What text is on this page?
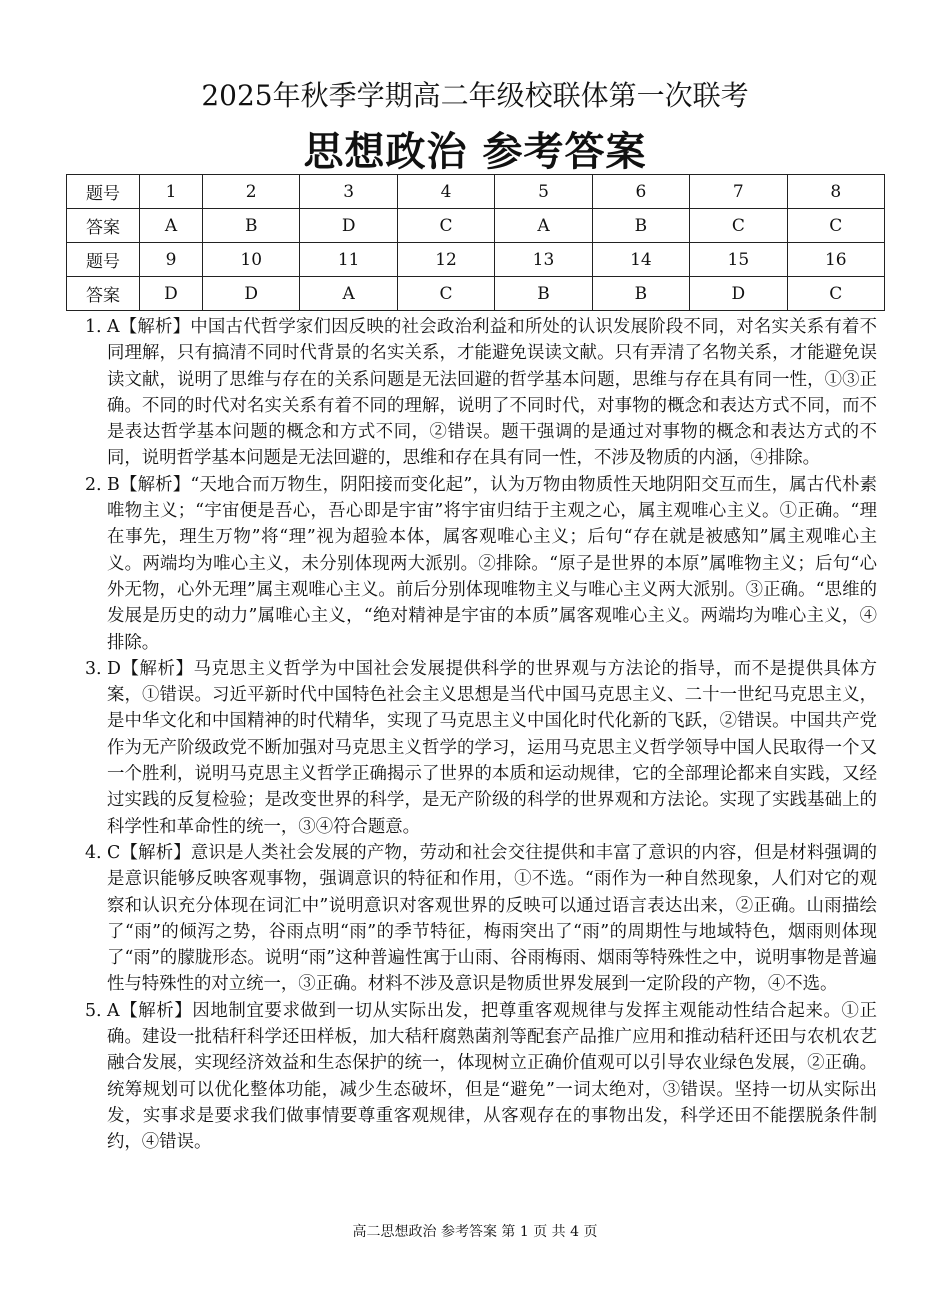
2025年秋季学期高二年级校联体第一次联考
思想政治 参考答案
题号	1	2	3	4	5	6	7	8
答案	A	B	D	C	A	B	C	C
题号	9	10	11	12	13	14	15	16
答案	D	D	A	C	B	B	D	C
1．
A【解析】中国古代哲学家们因反映的社会政治利益和所处的认识发展阶段不同，对名实关系有着不同理解，只有搞清不同时代背景的名实关系，才能避免误读文献。只有弄清了名物关系，才能避免误读文献，说明了思维与存在的关系问题是无法回避的哲学基本问题，思维与存在具有同一性，①③正确。不同的时代对名实关系有着不同的理解，说明了不同时代，对事物的概念和表达方式不同，而不是表达哲学基本问题的概念和方式不同，②错误。题干强调的是通过对事物的概念和表达方式的不同，说明哲学基本问题是无法回避的，思维和存在具有同一性，不涉及物质的内涵，④排除。
2．
B【解析】“天地合而万物生，阴阳接而变化起”，认为万物由物质性天地阴阳交互而生，属古代朴素唯物主义；“宇宙便是吾心，吾心即是宇宙”将宇宙归结于主观之心，属主观唯心主义。①正确。“理在事先，理生万物”将“理”视为超验本体，属客观唯心主义；后句“存在就是被感知”属主观唯心主义。两端均为唯心主义，未分别体现两大派别。②排除。“原子是世界的本原”属唯物主义；后句“心外无物，心外无理”属主观唯心主义。前后分别体现唯物主义与唯心主义两大派别。③正确。“思维的发展是历史的动力”属唯心主义，“绝对精神是宇宙的本质”属客观唯心主义。两端均为唯心主义，④排除。
3．
D【解析】马克思主义哲学为中国社会发展提供科学的世界观与方法论的指导，而不是提供具体方案，①错误。习近平新时代中国特色社会主义思想是当代中国马克思主义、二十一世纪马克思主义，是中华文化和中国精神的时代精华，实现了马克思主义中国化时代化新的飞跃，②错误。中国共产党作为无产阶级政党不断加强对马克思主义哲学的学习，运用马克思主义哲学领导中国人民取得一个又一个胜利，说明马克思主义哲学正确揭示了世界的本质和运动规律，它的全部理论都来自实践，又经过实践的反复检验；是改变世界的科学，是无产阶级的科学的世界观和方法论。实现了实践基础上的科学性和革命性的统一，③④符合题意。
4．
C【解析】意识是人类社会发展的产物，劳动和社会交往提供和丰富了意识的内容，但是材料强调的是意识能够反映客观事物，强调意识的特征和作用，①不选。“雨作为一种自然现象，人们对它的观察和认识充分体现在词汇中”说明意识对客观世界的反映可以通过语言表达出来，②正确。山雨描绘了“雨”的倾泻之势，谷雨点明“雨”的季节特征，梅雨突出了“雨”的周期性与地域特色，烟雨则体现了“雨”的朦胧形态。说明“雨”这种普遍性寓于山雨、谷雨梅雨、烟雨等特殊性之中，说明事物是普遍性与特殊性的对立统一，③正确。材料不涉及意识是物质世界发展到一定阶段的产物，④不选。
5．
A【解析】因地制宜要求做到一切从实际出发，把尊重客观规律与发挥主观能动性结合起来。①正确。建设一批秸秆科学还田样板，加大秸秆腐熟菌剂等配套产品推广应用和推动秸秆还田与农机农艺融合发展，实现经济效益和生态保护的统一，体现树立正确价值观可以引导农业绿色发展，②正确。统筹规划可以优化整体功能，减少生态破坏，但是“避免”一词太绝对，③错误。坚持一切从实际出发，实事求是要求我们做事情要尊重客观规律，从客观存在的事物出发，科学还田不能摆脱条件制约，④错误。
高二思想政治 参考答案 第 1 页 共 4 页
